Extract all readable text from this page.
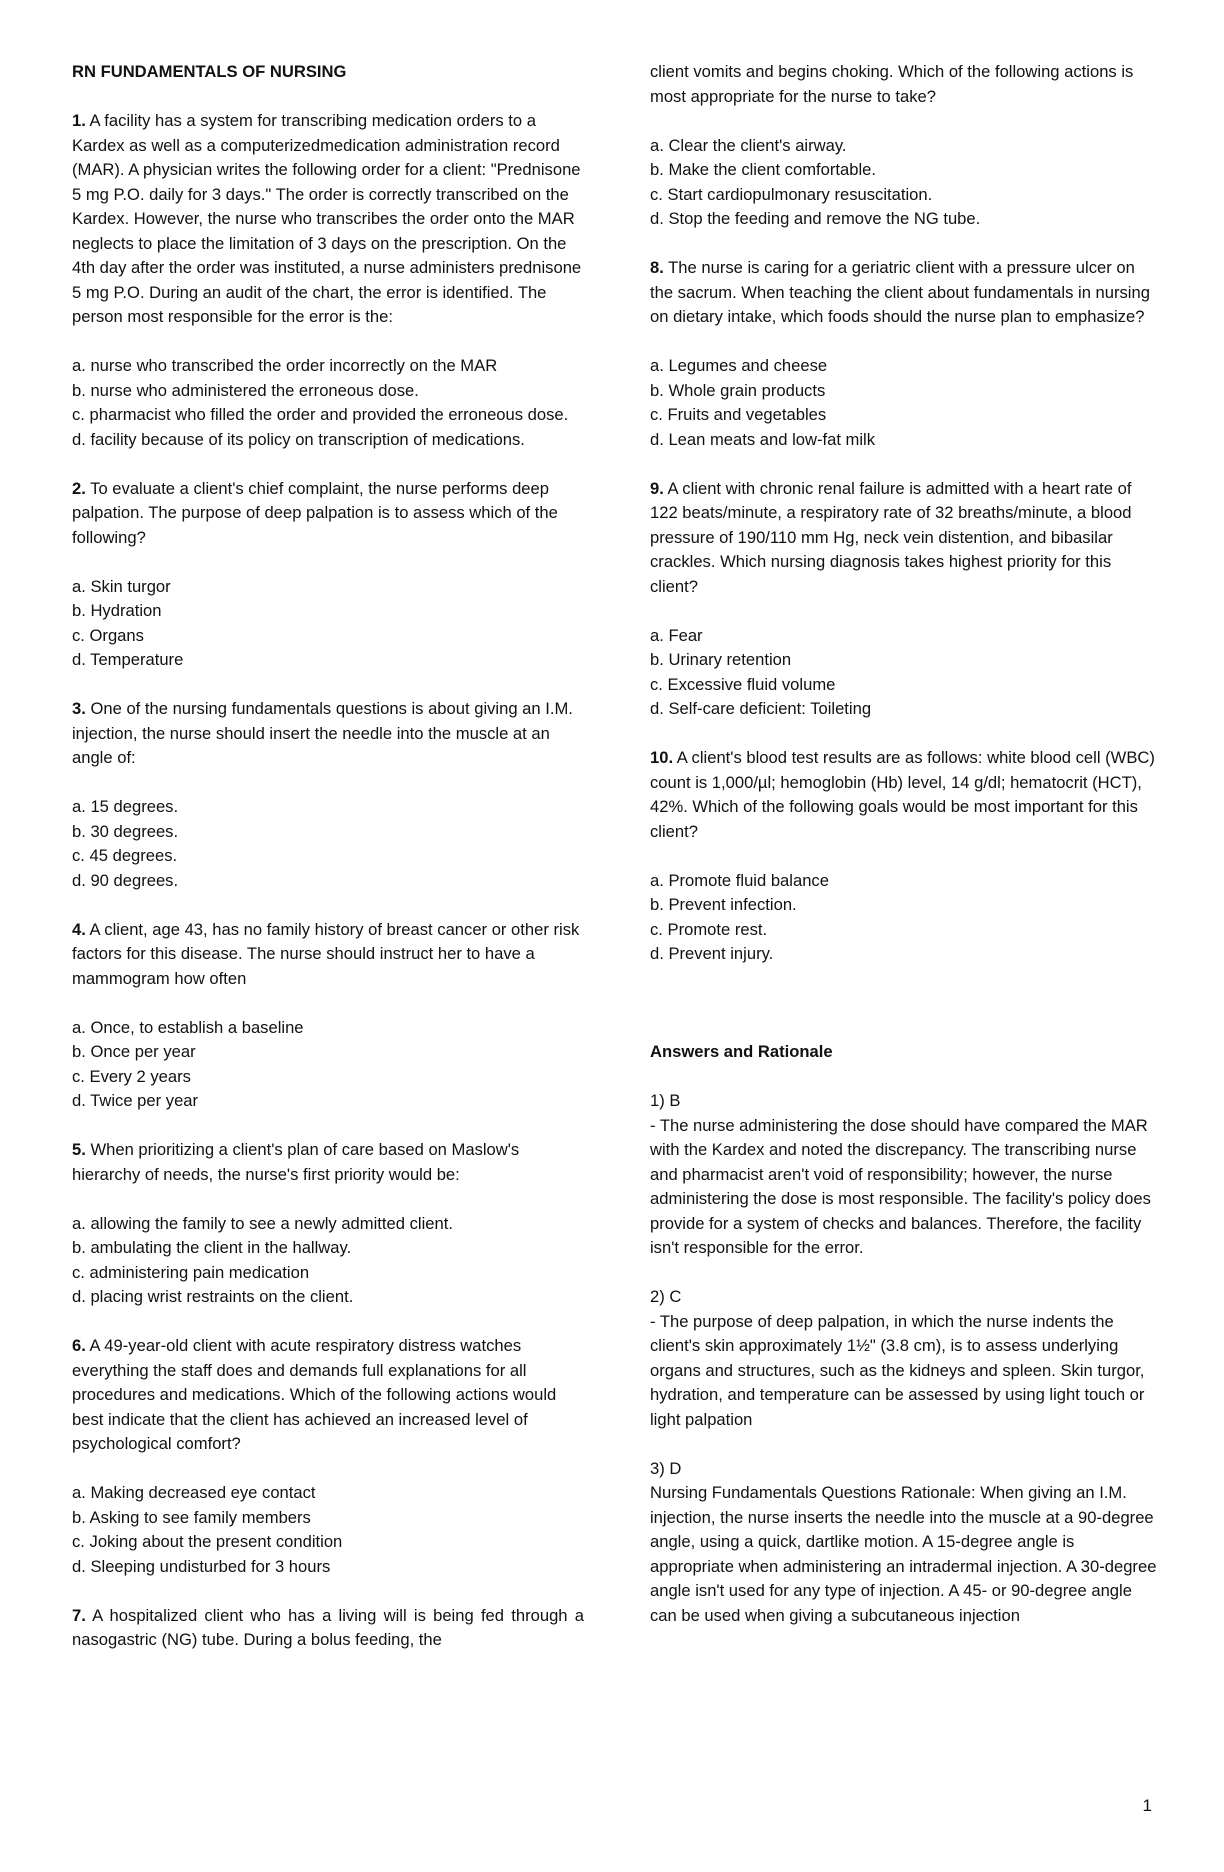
RN FUNDAMENTALS OF NURSING
1. A facility has a system for transcribing medication orders to a Kardex as well as a computerizedmedication administration record (MAR). A physician writes the following order for a client: "Prednisone 5 mg P.O. daily for 3 days." The order is correctly transcribed on the Kardex. However, the nurse who transcribes the order onto the MAR neglects to place the limitation of 3 days on the prescription. On the 4th day after the order was instituted, a nurse administers prednisone 5 mg P.O. During an audit of the chart, the error is identified. The person most responsible for the error is the:
a. nurse who transcribed the order incorrectly on the MAR
b. nurse who administered the erroneous dose.
c. pharmacist who filled the order and provided the erroneous dose.
d. facility because of its policy on transcription of medications.
2. To evaluate a client's chief complaint, the nurse performs deep palpation. The purpose of deep palpation is to assess which of the following?
a. Skin turgor
b. Hydration
c. Organs
d. Temperature
3. One of the nursing fundamentals questions is about giving an I.M. injection, the nurse should insert the needle into the muscle at an angle of:
a. 15 degrees.
b. 30 degrees.
c. 45 degrees.
d. 90 degrees.
4. A client, age 43, has no family history of breast cancer or other risk factors for this disease. The nurse should instruct her to have a mammogram how often
a. Once, to establish a baseline
b. Once per year
c. Every 2 years
d. Twice per year
5. When prioritizing a client's plan of care based on Maslow's hierarchy of needs, the nurse's first priority would be:
a. allowing the family to see a newly admitted client.
b. ambulating the client in the hallway.
c. administering pain medication
d. placing wrist restraints on the client.
6. A 49-year-old client with acute respiratory distress watches everything the staff does and demands full explanations for all procedures and medications. Which of the following actions would best indicate that the client has achieved an increased level of psychological comfort?
a. Making decreased eye contact
b. Asking to see family members
c. Joking about the present condition
d. Sleeping undisturbed for 3 hours
7. A hospitalized client who has a living will is being fed through a nasogastric (NG) tube. During a bolus feeding, the
client vomits and begins choking. Which of the following actions is most appropriate for the nurse to take?
a. Clear the client's airway.
b. Make the client comfortable.
c. Start cardiopulmonary resuscitation.
d. Stop the feeding and remove the NG tube.
8. The nurse is caring for a geriatric client with a pressure ulcer on the sacrum. When teaching the client about fundamentals in nursing on dietary intake, which foods should the nurse plan to emphasize?
a. Legumes and cheese
b. Whole grain products
c. Fruits and vegetables
d. Lean meats and low-fat milk
9. A client with chronic renal failure is admitted with a heart rate of 122 beats/minute, a respiratory rate of 32 breaths/minute, a blood pressure of 190/110 mm Hg, neck vein distention, and bibasilar crackles. Which nursing diagnosis takes highest priority for this client?
a. Fear
b. Urinary retention
c. Excessive fluid volume
d. Self-care deficient: Toileting
10. A client's blood test results are as follows: white blood cell (WBC) count is 1,000/µl; hemoglobin (Hb) level, 14 g/dl; hematocrit (HCT), 42%. Which of the following goals would be most important for this client?
a. Promote fluid balance
b. Prevent infection.
c. Promote rest.
d. Prevent injury.
Answers and Rationale
1) B
- The nurse administering the dose should have compared the MAR with the Kardex and noted the discrepancy. The transcribing nurse and pharmacist aren't void of responsibility; however, the nurse administering the dose is most responsible. The facility's policy does provide for a system of checks and balances. Therefore, the facility isn't responsible for the error.
2) C
- The purpose of deep palpation, in which the nurse indents the client's skin approximately 1½" (3.8 cm), is to assess underlying organs and structures, such as the kidneys and spleen. Skin turgor, hydration, and temperature can be assessed by using light touch or light palpation
3) D
Nursing Fundamentals Questions Rationale: When giving an I.M. injection, the nurse inserts the needle into the muscle at a 90-degree angle, using a quick, dartlike motion. A 15-degree angle is appropriate when administering an intradermal injection. A 30-degree angle isn't used for any type of injection. A 45- or 90-degree angle can be used when giving a subcutaneous injection
1
